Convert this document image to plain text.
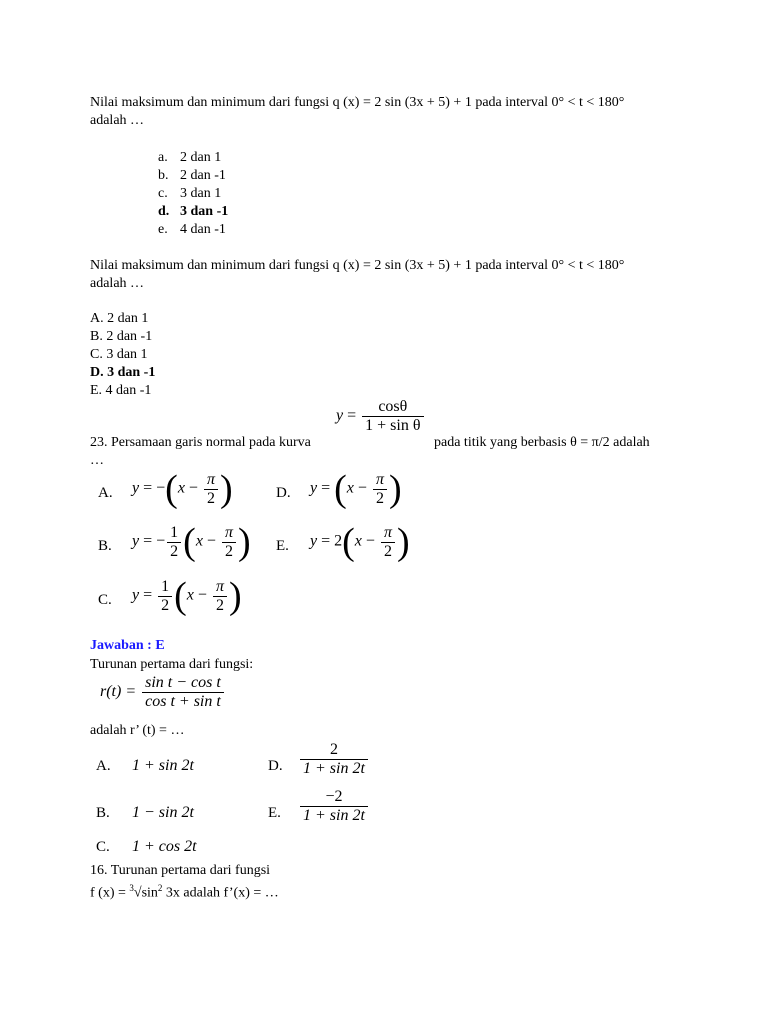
Nilai maksimum dan minimum dari fungsi q (x) = 2 sin (3x + 5) + 1 pada interval 0° < t < 180°
adalah …
a. 2 dan 1
b. 2 dan -1
c. 3 dan 1
d. 3 dan -1
e. 4 dan -1
Nilai maksimum dan minimum dari fungsi q (x) = 2 sin (3x + 5) + 1 pada interval 0° < t < 180°
adalah …
A. 2 dan 1
B. 2 dan -1
C. 3 dan 1
D. 3 dan -1
E. 4 dan -1
$y = \frac{\cos\theta}{\text{1 + sin θ}}$
23. Persamaan garis normal pada kurva	pada titik yang berbasis θ = π/2 adalah
…
A. $y = -(x - \frac{\pi}{2}$ )	D. $y = (x - \frac{\pi}{2}$ )
B. y = − $\frac{1}{2} (x - \frac{\pi}{2}$ ) E. $y = 2(x - \frac{\pi}{2}$ )
C. $y = \frac{1}{2} (x - \frac{\pi}{2}$ )
Jawaban : E
Turunan pertama dari fungsi:
$r(t) = \frac{\text{sin t − cos t}}{\text{cos t + sin t}}$
adalah r’ (t) = …
A. 1 + sin 2t	D. $\frac{2}{1 + \sin 2t}$
B. 1 − sin 2t	E. $\frac{-2}{1 + \sin 2t}$
C. 1 + cos 2t
16. Turunan pertama dari fungsi
f $(x) = ^3√\sin^2$ 3x adalah f’(x) = …
